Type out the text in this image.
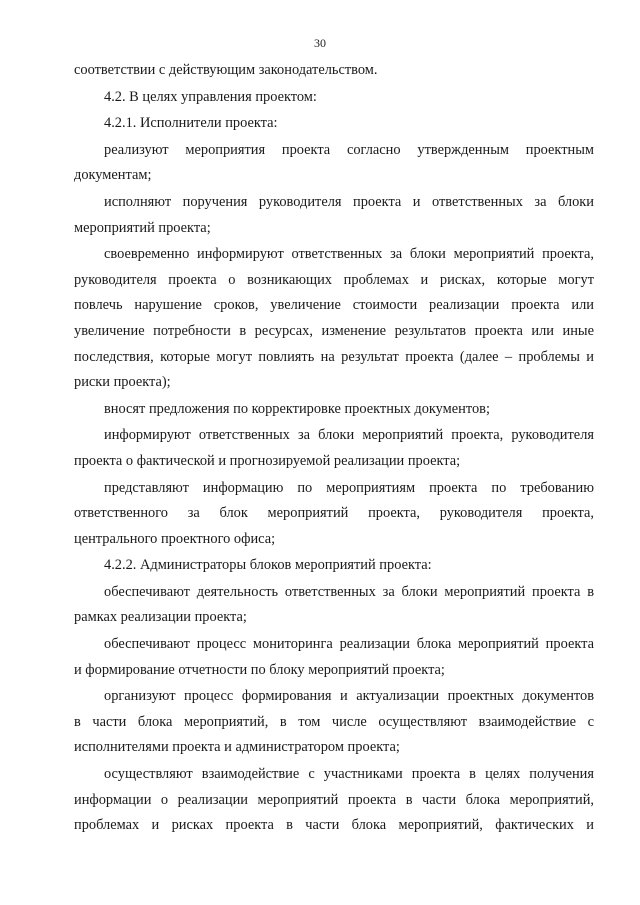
30
соответствии с действующим законодательством.
4.2. В целях управления проектом:
4.2.1. Исполнители проекта:
реализуют мероприятия проекта согласно утвержденным проектным
документам;
исполняют поручения руководителя проекта и ответственных за блоки
мероприятий проекта;
своевременно информируют ответственных за блоки мероприятий проекта,
руководителя проекта о возникающих проблемах и рисках, которые могут
повлечь нарушение сроков, увеличение стоимости реализации проекта или
увеличение потребности в ресурсах, изменение результатов проекта или иные
последствия, которые могут повлиять на результат проекта (далее – проблемы и
риски проекта);
вносят предложения по корректировке проектных документов;
информируют ответственных за блоки мероприятий проекта, руководителя
проекта о фактической и прогнозируемой реализации проекта;
представляют информацию по мероприятиям проекта по требованию
ответственного за блок мероприятий проекта, руководителя проекта,
центрального проектного офиса;
4.2.2. Администраторы блоков мероприятий проекта:
обеспечивают деятельность ответственных за блоки мероприятий проекта в
рамках реализации проекта;
обеспечивают процесс мониторинга реализации блока мероприятий проекта
и формирование отчетности по блоку мероприятий проекта;
организуют процесс формирования и актуализации проектных документов
в части блока мероприятий, в том числе осуществляют взаимодействие с
исполнителями проекта и администратором проекта;
осуществляют взаимодействие с участниками проекта в целях получения
информации о реализации мероприятий проекта в части блока мероприятий,
проблемах и рисках проекта в части блока мероприятий, фактических и
